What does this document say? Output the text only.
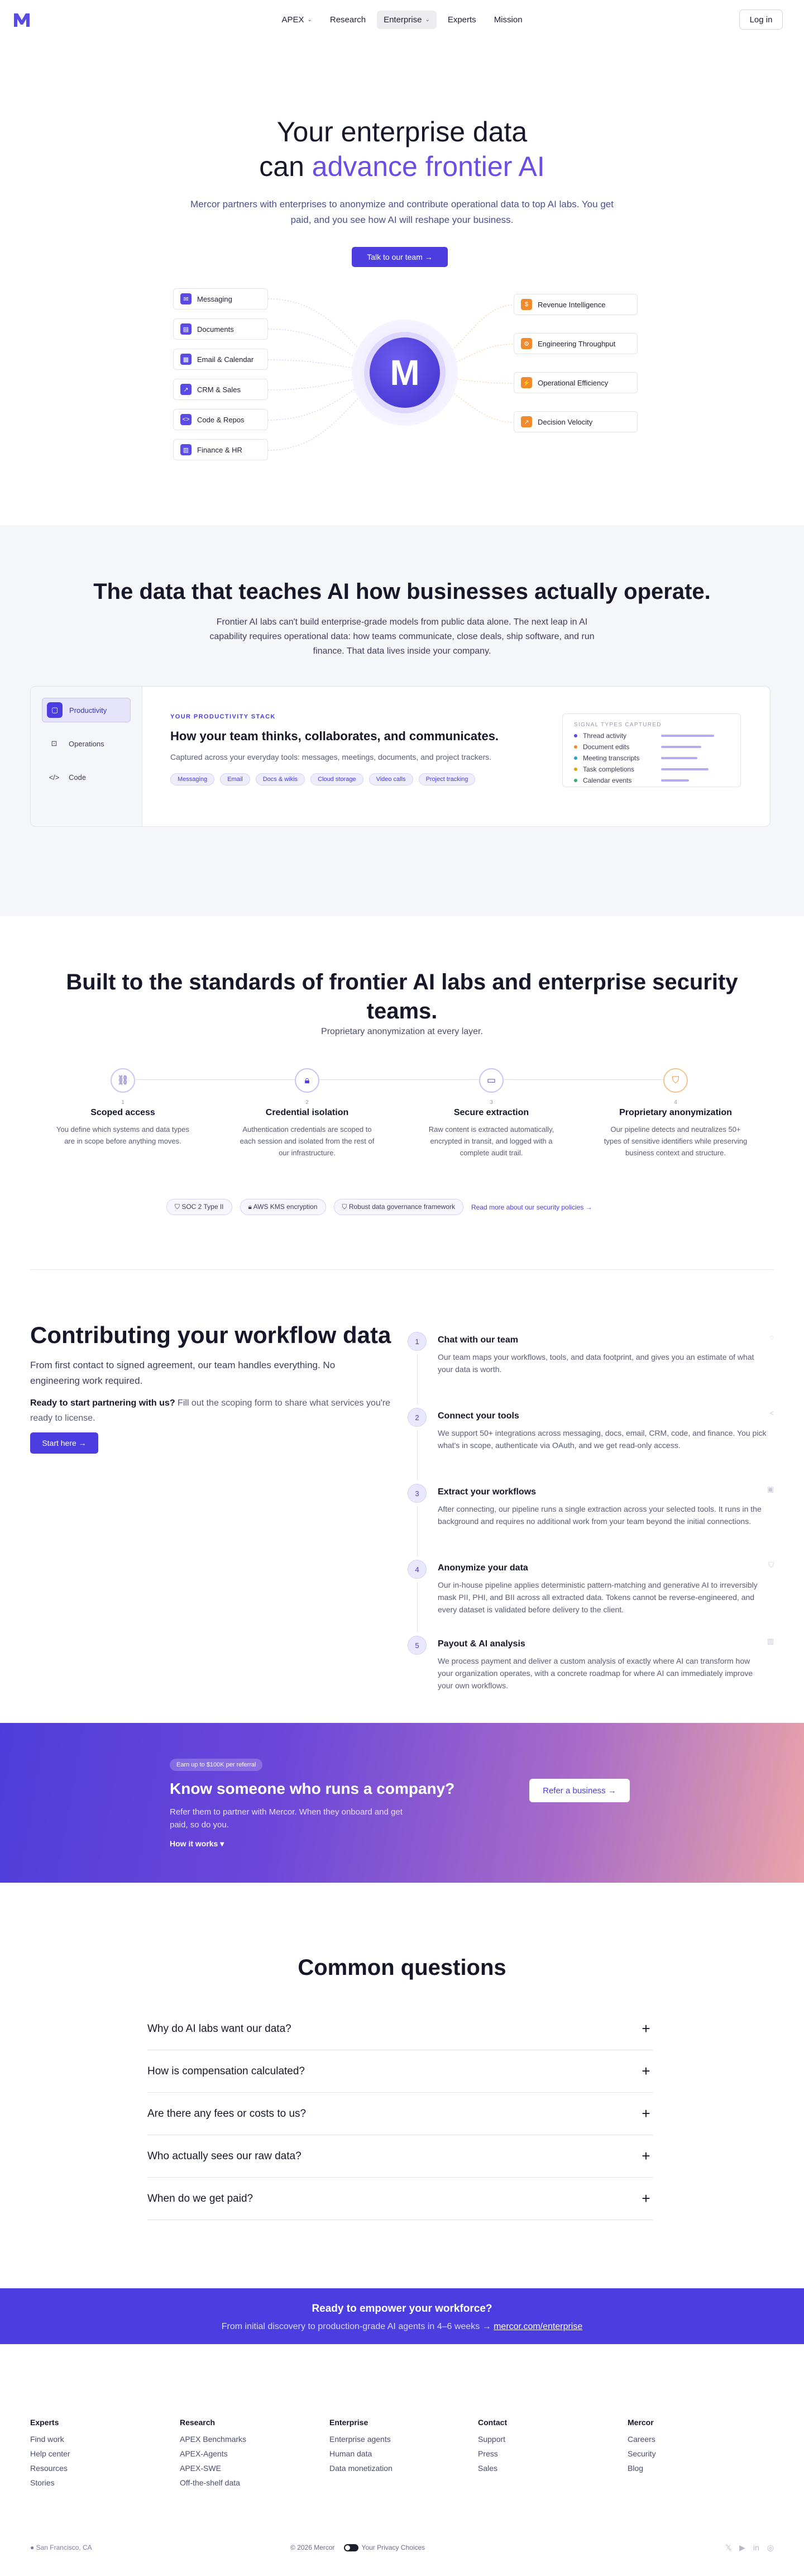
APEX ⌄ Research Enterprise ⌄ Experts Mission	Log in
Your enterprise data
can advance frontier AI

Mercor partners with enterprises to anonymize and contribute operational data to top AI labs. You get paid, and you see how AI will reshape your business.

Talk to our team →
✉	Messaging
▤	Documents
▦	Email & Calendar
↗	CRM & Sales
<> Code & Repos
▥	Finance & HR
M
$	Revenue Intelligence
⚙	Engineering Throughput
⚡ Operational Efficiency
↗	Decision Velocity
The data that teaches AI how businesses actually operate.

Frontier AI labs can't build enterprise-grade models from public data alone. The next leap in AI capability requires operational data: how teams communicate, close deals, ship software, and run finance. That data lives inside your company.

▢	Productivity
⊡	Operations
</>	Code
YOUR PRODUCTIVITY STACK
How your team thinks, collaborates, and communicates.
Captured across your everyday tools: messages, meetings, documents, and project trackers.
Messaging	Email	Docs & wikis	Cloud storage	Video calls	Project tracking
SIGNAL TYPES CAPTURED
Thread activity
Document edits
Meeting transcripts
Task completions
Calendar events
Built to the standards of frontier AI labs and enterprise security teams.

Proprietary anonymization at every layer.

⛓
1
Scoped access
You define which systems and data types are in scope before anything moves.
🔒︎
2
Credential isolation
Authentication credentials are scoped to each session and isolated from the rest of our infrastructure.
▭
3
Secure extraction
Raw content is extracted automatically, encrypted in transit, and logged with a complete audit trail.
⛉
4
Proprietary anonymization
Our pipeline detects and neutralizes 50+ types of sensitive identifiers while preserving business context and structure.
⛉ SOC 2 Type II	🔒︎ AWS KMS encryption	⛉ Robust data governance framework	Read more about our security policies →
Contributing your workflow data

From first contact to signed agreement, our team handles everything. No engineering work required.

Ready to start partnering with us? Fill out the scoping form to share what services you're ready to license.

Start here →
1	Chat with our team
Our team maps your workflows, tools, and data footprint, and gives you an estimate of what your data is worth.
◌
2	Connect your tools
We support 50+ integrations across messaging, docs, email, CRM, code, and finance. You pick what's in scope, authenticate via OAuth, and we get read-only access.
<
3	Extract your workflows
After connecting, our pipeline runs a single extraction across your selected tools. It runs in the background and requires no additional work from your team beyond the initial connections.
▣
4	Anonymize your data
Our in-house pipeline applies deterministic pattern-matching and generative AI to irreversibly mask PII, PHI, and BII across all extracted data. Tokens cannot be reverse-engineered, and every dataset is validated before delivery to the client.
⛉
5	Payout & AI analysis
We process payment and deliver a custom analysis of exactly where AI can transform how your organization operates, with a concrete roadmap for where AI can immediately improve your own workflows.
▥
Earn up to $100K per referral
Know someone who runs a company?

Refer them to partner with Mercor. When they onboard and get paid, so do you.

How it works ▾
Refer a business →
Common questions
Why do AI labs want our data?	+
How is compensation calculated?	+
Are there any fees or costs to us?	+
Who actually sees our raw data?	+
When do we get paid?	+
Ready to empower your workforce?
From initial discovery to production-grade AI agents in 4–6 weeks → mercor.com/enterprise
Experts
Find work
Help center
Resources
Stories
Research
APEX Benchmarks
APEX-Agents
APEX-SWE
Off-the-shelf data
Enterprise
Enterprise agents
Human data
Data monetization
Contact
Support
Press
Sales
Mercor
Careers
Security
Blog
● San Francisco, CA	© 2026 Mercor	Your Privacy Choices	𝕏 ▶ in ◎
